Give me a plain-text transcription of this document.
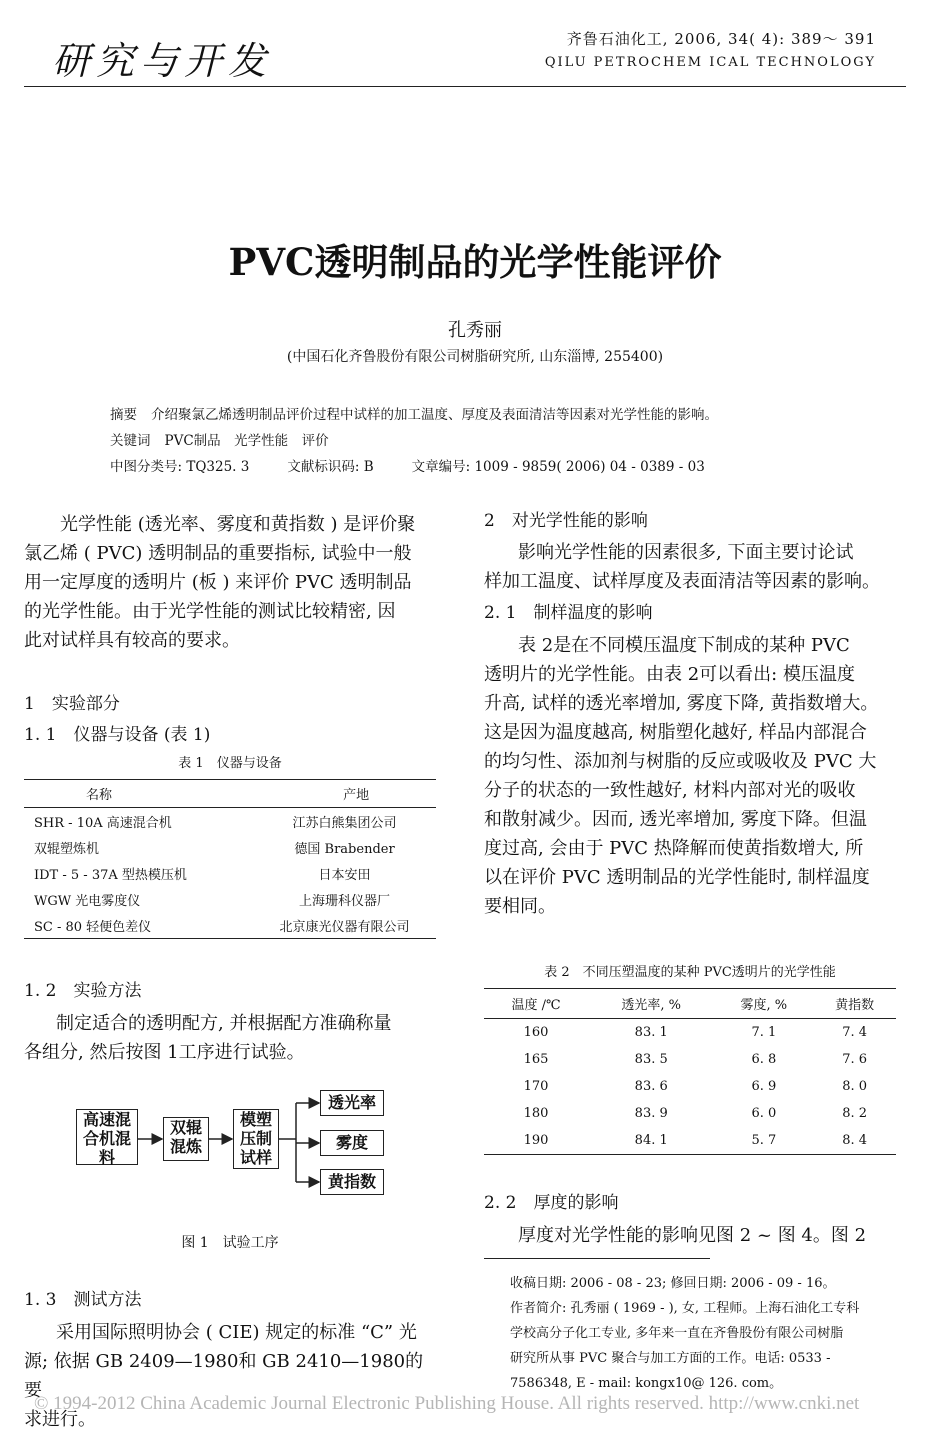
研究与开发	齐鲁石油化工, 2006, 34( 4): 389～ 391
QILU PETROCHEM ICAL TECHNOLOGY
PVC透明制品的光学性能评价
孔秀丽
(中国石化齐鲁股份有限公司树脂研究所, 山东淄博, 255400)
摘要 介绍聚氯乙烯透明制品评价过程中试样的加工温度、厚度及表面清洁等因素对光学性能的影响。
关键词 PVC制品　光学性能　评价
中图分类号: TQ325. 3	文献标识码: B	文章编号: 1009 - 9859( 2006) 04 - 0389 - 03
光学性能 (透光率、雾度和黄指数 ) 是评价聚
氯乙烯 ( PVC) 透明制品的重要指标, 试验中一般
用一定厚度的透明片 (板 ) 来评价 PVC 透明制品
的光学性能。由于光学性能的测试比较精密, 因
此对试样具有较高的要求。
1　实验部分
1. 1　仪器与设备 (表 1)
表 1　仪器与设备
名称	产地
SHR - 10A 高速混合机	江苏白熊集团公司
双辊塑炼机	德国 Brabender
IDT - 5 - 37A 型热模压机	日本安田
WGW 光电雾度仪	上海珊科仪器厂
SC - 80 轻便色差仪	北京康光仪器有限公司
1. 2　实验方法
制定适合的透明配方, 并根据配方准确称量
各组分, 然后按图 1工序进行试验。
高速混合机混料
双辊混炼
模塑压制试样
透光率
雾度
黄指数
图 1　试验工序
1. 3　测试方法
采用国际照明协会 ( CIE) 规定的标准 “C” 光
源; 依据 GB 2409—1980和 GB 2410—1980的要
求进行。
2　对光学性能的影响
影响光学性能的因素很多, 下面主要讨论试
样加工温度、试样厚度及表面清洁等因素的影响。
2. 1　制样温度的影响
表 2是在不同模压温度下制成的某种 PVC
透明片的光学性能。由表 2可以看出: 模压温度
升高, 试样的透光率增加, 雾度下降, 黄指数增大。
这是因为温度越高, 树脂塑化越好, 样品内部混合
的均匀性、添加剂与树脂的反应或吸收及 PVC 大
分子的状态的一致性越好, 材料内部对光的吸收
和散射减少。因而, 透光率增加, 雾度下降。但温
度过高, 会由于 PVC 热降解而使黄指数增大, 所
以在评价 PVC 透明制品的光学性能时, 制样温度
要相同。
表 2　不同压塑温度的某种 PVC透明片的光学性能
温度 /℃	透光率, %	雾度, %	黄指数
160	83. 1	7. 1	7. 4
165	83. 5	6. 8	7. 6
170	83. 6	6. 9	8. 0
180	83. 9	6. 0	8. 2
190	84. 1	5. 7	8. 4
2. 2　厚度的影响
厚度对光学性能的影响见图 2 ~ 图 4。图 2
收稿日期: 2006 - 08 - 23; 修回日期: 2006 - 09 - 16。
作者简介: 孔秀丽 ( 1969 - ), 女, 工程师。上海石油化工专科
学校高分子化工专业, 多年来一直在齐鲁股份有限公司树脂
研究所从事 PVC 聚合与加工方面的工作。电话: 0533 -
7586348, E - mail: kongx10@ 126. com。
© 1994-2012 China Academic Journal Electronic Publishing House. All rights reserved. http://www.cnki.net
